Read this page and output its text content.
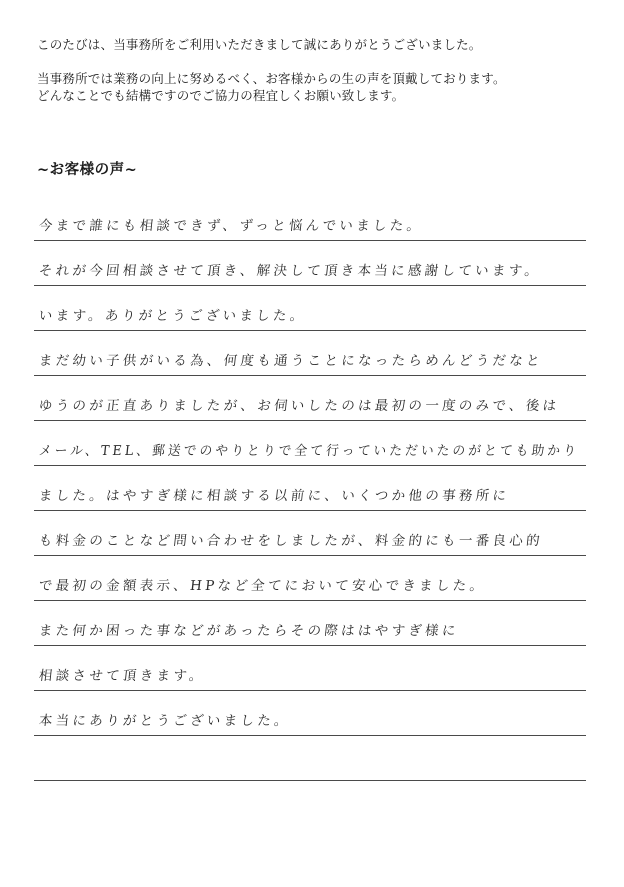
このたびは、当事務所をご利用いただきまして誠にありがとうございました。

当事務所では業務の向上に努めるべく、お客様からの生の声を頂戴しております。

どんなことでも結構ですのでご協力の程宜しくお願い致します。

~お客様の声~
今まで誰にも相談できず、ずっと悩んでいました。
それが今回相談させて頂き、解決して頂き本当に感謝しています。
います。ありがとうございました。
まだ幼い子供がいる為、何度も通うことになったらめんどうだなと
ゆうのが正直ありましたが、お伺いしたのは最初の一度のみで、後は
メール、TEL、郵送でのやりとりで全て行っていただいたのがとても助かり
ました。はやすぎ様に相談する以前に、いくつか他の事務所に
も料金のことなど問い合わせをしましたが、料金的にも一番良心的
で最初の金額表示、HPなど全てにおいて安心できました。
また何か困った事などがあったらその際ははやすぎ様に
相談させて頂きます。
本当にありがとうございました。
